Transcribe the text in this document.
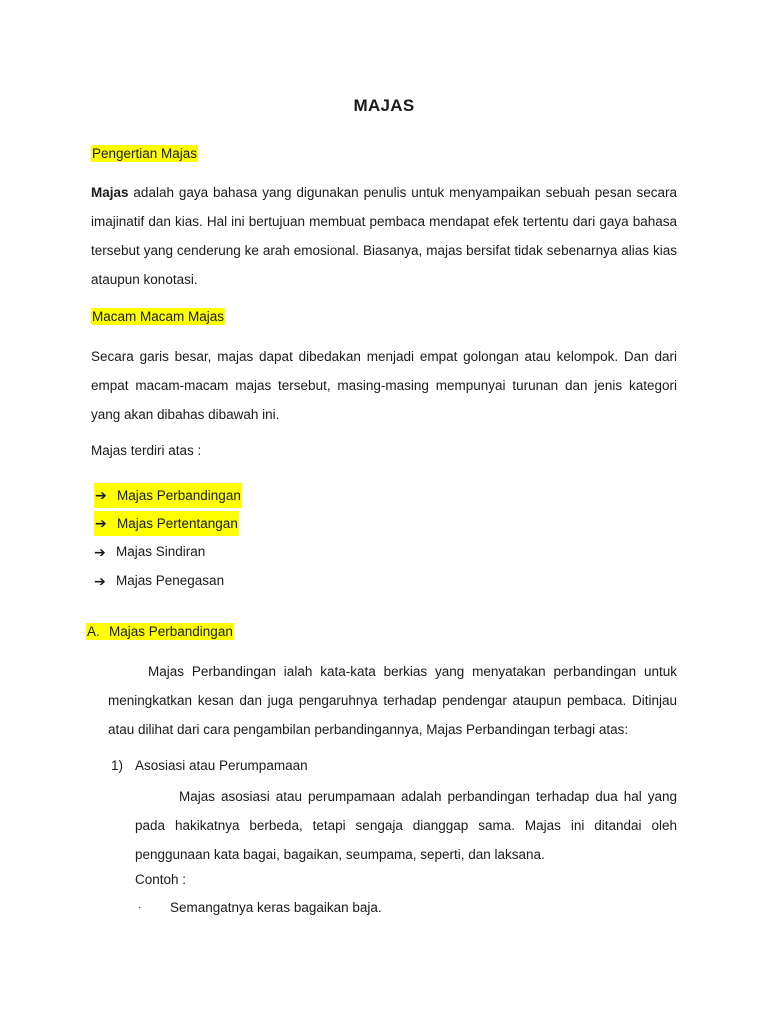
MAJAS
Pengertian Majas
Majas adalah gaya bahasa yang digunakan penulis untuk menyampaikan sebuah pesan secara imajinatif dan kias. Hal ini bertujuan membuat pembaca mendapat efek tertentu dari gaya bahasa tersebut yang cenderung ke arah emosional. Biasanya, majas bersifat tidak sebenarnya alias kias ataupun konotasi.
Macam Macam Majas
Secara garis besar, majas dapat dibedakan menjadi empat golongan atau kelompok. Dan dari empat macam-macam majas tersebut, masing-masing mempunyai turunan dan jenis kategori yang akan dibahas dibawah ini.
Majas terdiri atas :
➔ Majas Perbandingan
➔ Majas Pertentangan
➔ Majas Sindiran
➔ Majas Penegasan
A. Majas Perbandingan
Majas Perbandingan ialah kata-kata berkias yang menyatakan perbandingan untuk meningkatkan kesan dan juga pengaruhnya terhadap pendengar ataupun pembaca. Ditinjau atau dilihat dari cara pengambilan perbandingannya, Majas Perbandingan terbagi atas:
1) Asosiasi atau Perumpamaan
Majas asosiasi atau perumpamaan adalah perbandingan terhadap dua hal yang pada hakikatnya berbeda, tetapi sengaja dianggap sama. Majas ini ditandai oleh penggunaan kata bagai, bagaikan, seumpama, seperti, dan laksana.
Contoh :
· Semangatnya keras bagaikan baja.
